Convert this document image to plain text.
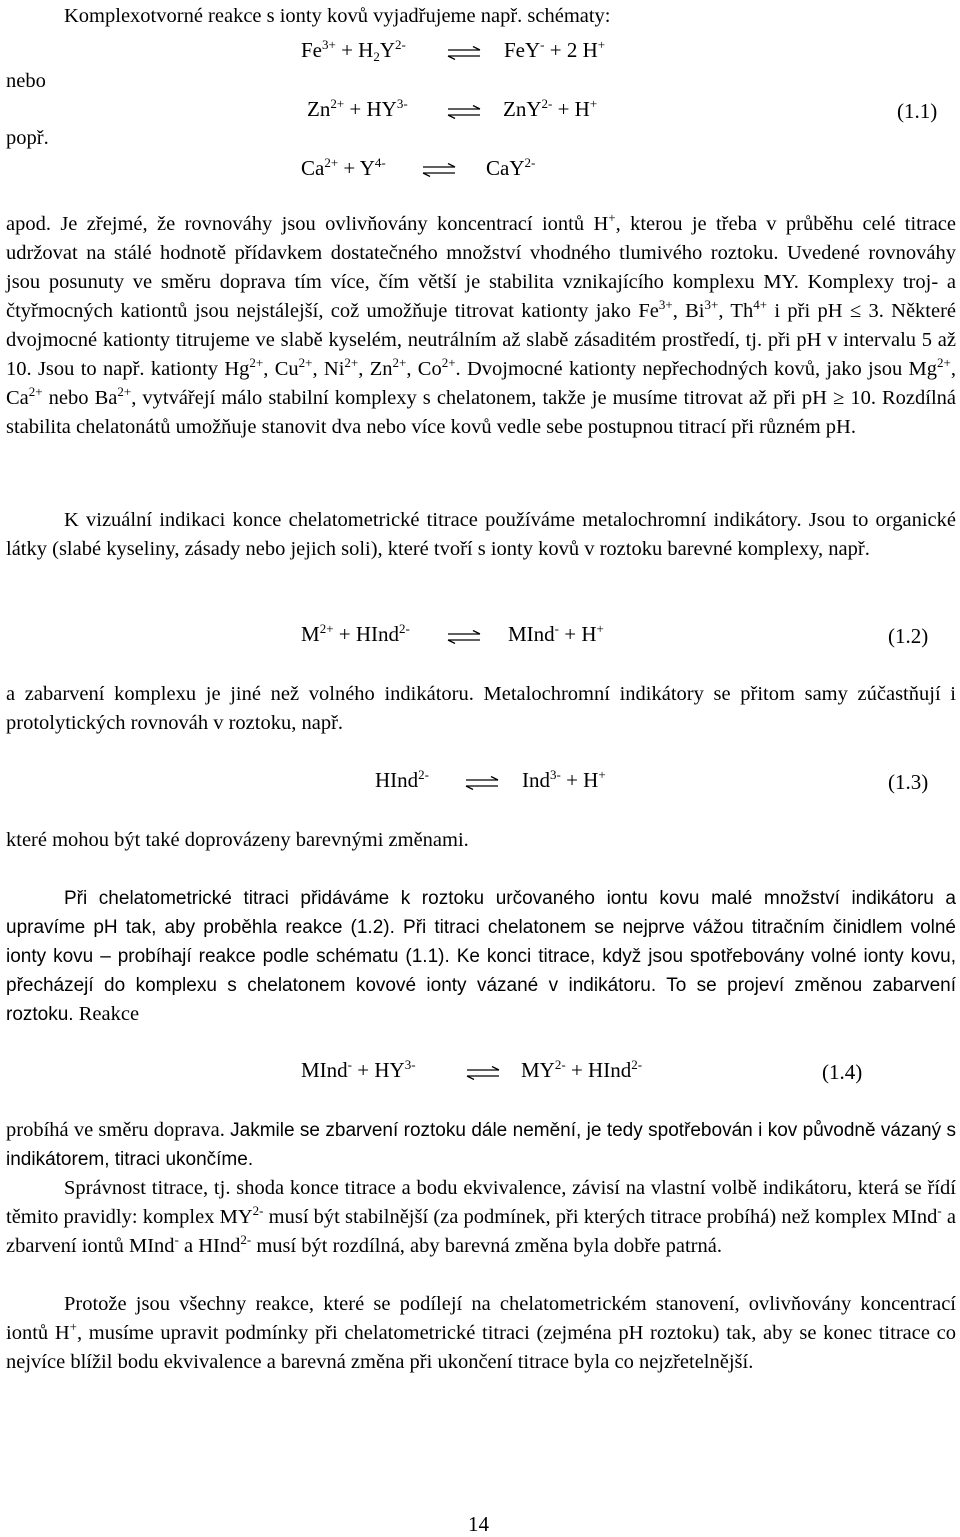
Komplexotvorné reakce s ionty kovů vyjadřujeme např. schématy:
$Fe^{3+} + H_2Y^{2-}$	FeY- + 2 H+
nebo
$Zn^{2+} + HY^{3-}$	ZnY$^{2-}$ + H+	(1.1)
popř.
$Ca^{2+} + Y^{4-}$	CaY$^{2-}$

apod. Je zřejmé, že rovnováhy jsou ovlivňovány koncentrací iontů H+, kterou je třeba v průběhu celé titrace udržovat na stálé hodnotě přídavkem dostatečného množství vhodného tlumivého roztoku. Uvedené rovnováhy jsou posunuty ve směru doprava tím více, čím větší je stabilita vznikajícího komplexu MY. Komplexy troj- a čtyřmocných kationtů jsou nejstálejší, což umožňuje titrovat kationty jako $Fe^{3+}$, $Bi^{3+}$, $Th^{4+}$ i při pH ≤ 3. Některé dvojmocné kationty titrujeme ve slabě kyselém, neutrálním až slabě zásaditém prostředí, tj. při pH v intervalu 5 až 10. Jsou to např. kationty $Hg^{2+}$, $Cu^{2+}$, $Ni^{2+}$, $Zn^{2+}$, $Co^{2+}$. Dvojmocné kationty nepřechodných kovů, jako jsou $Mg^{2+}$, $Ca^{2+}$ nebo $Ba^{2+}$, vytvářejí málo stabilní komplexy s chelatonem, takže je musíme titrovat až při pH ≥ 10. Rozdílná stabilita chelatonátů umožňuje stanovit dva nebo více kovů vedle sebe postupnou titrací při různém pH.

K vizuální indikaci konce chelatometrické titrace používáme metalochromní indikátory. Jsou to organické látky (slabé kyseliny, zásady nebo jejich soli), které tvoří s ionty kovů v roztoku barevné komplexy, např.

$M^{2+}$ + HInd$^{2-}$	MInd- + H+	(1.2)

a zabarvení komplexu je jiné než volného indikátoru. Metalochromní indikátory se přitom samy zúčastňují i protolytických rovnováh v roztoku, např.

HInd$^{2-}$	Ind$^{3-}$ + H+	(1.3)

které mohou být také doprovázeny barevnými změnami.

Při chelatometrické titraci přidáváme k roztoku určovaného iontu kovu malé množství indikátoru a upravíme pH tak, aby proběhla reakce (1.2). Při titraci chelatonem se nejprve vážou titračním činidlem volné ionty kovu – probíhají reakce podle schématu (1.1). Ke konci titrace, když jsou spotřebovány volné ionty kovu, přecházejí do komplexu s chelatonem kovové ionty vázané v indikátoru. To se projeví změnou zabarvení roztoku. Reakce

MInd- + $HY^{3-}$	$MY^{2-}$ + HInd$^{2-}$	(1.4)

probíhá ve směru doprava. Jakmile se zbarvení roztoku dále nemění, je tedy spotřebován i kov původně vázaný s indikátorem, titraci ukončíme.

Správnost titrace, tj. shoda konce titrace a bodu ekvivalence, závisí na vlastní volbě indikátoru, která se řídí těmito pravidly: komplex $MY^{2-}$ musí být stabilnější (za podmínek, při kterých titrace probíhá) než komplex MInd- a zbarvení iontů MInd- a HInd$^{2-}$ musí být rozdílná, aby barevná změna byla dobře patrná.

Protože jsou všechny reakce, které se podílejí na chelatometrickém stanovení, ovlivňovány koncentrací iontů H+, musíme upravit podmínky při chelatometrické titraci (zejména pH roztoku) tak, aby se konec titrace co nejvíce blížil bodu ekvivalence a barevná změna při ukončení titrace byla co nejzřetelnější.

14
